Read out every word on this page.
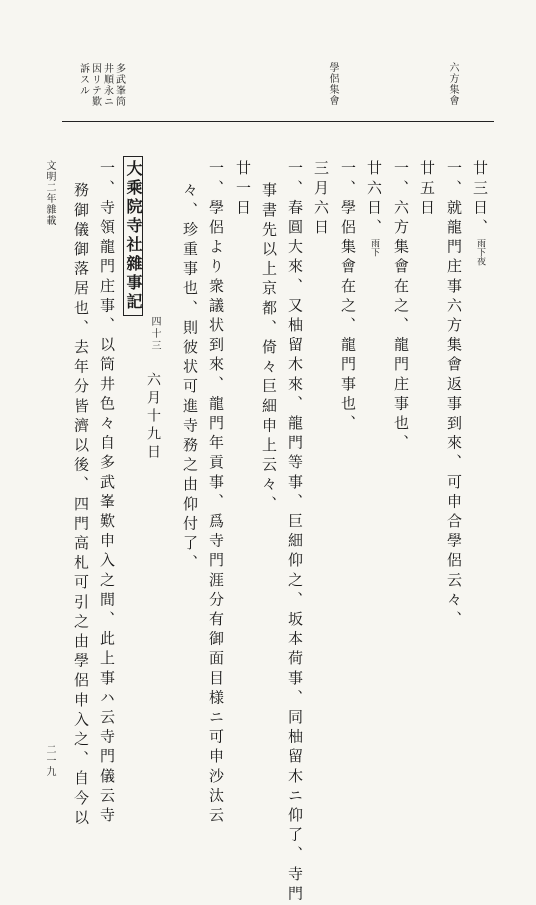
六方集會
學侶集會
多武峯筒
井順永ニ
因リテ歎
訴スル
廿三日、雨下夜
一、就龍門庄事六方集會返事到來、可申合學侶云々、
廿五日
一、六方集會在之、龍門庄事也、
廿六日、雨下
一、學侶集會在之、龍門事也、
三月六日
一、春圓大來、又柚留木來、龍門等事、巨細仰之、坂本荷事、同柚留木ニ仰了、寺門
事書先以上京都、倚々巨細申上云々、
廿一日
一、學侶より衆議状到來、龍門年貢事、爲寺門涯分有御面目様ニ可申沙汰云
々、珍重事也、則彼状可進寺務之由仰付了、
大乘院寺社雜事記
四十三
六月十九日
一、寺領龍門庄事、以筒井色々自多武峯歎申入之間、此上事ハ云寺門儀云寺
務御儀御落居也、去年分皆濟以後、四門高札可引之由學侶申入之、自今以
文明二年雜載
二一九
